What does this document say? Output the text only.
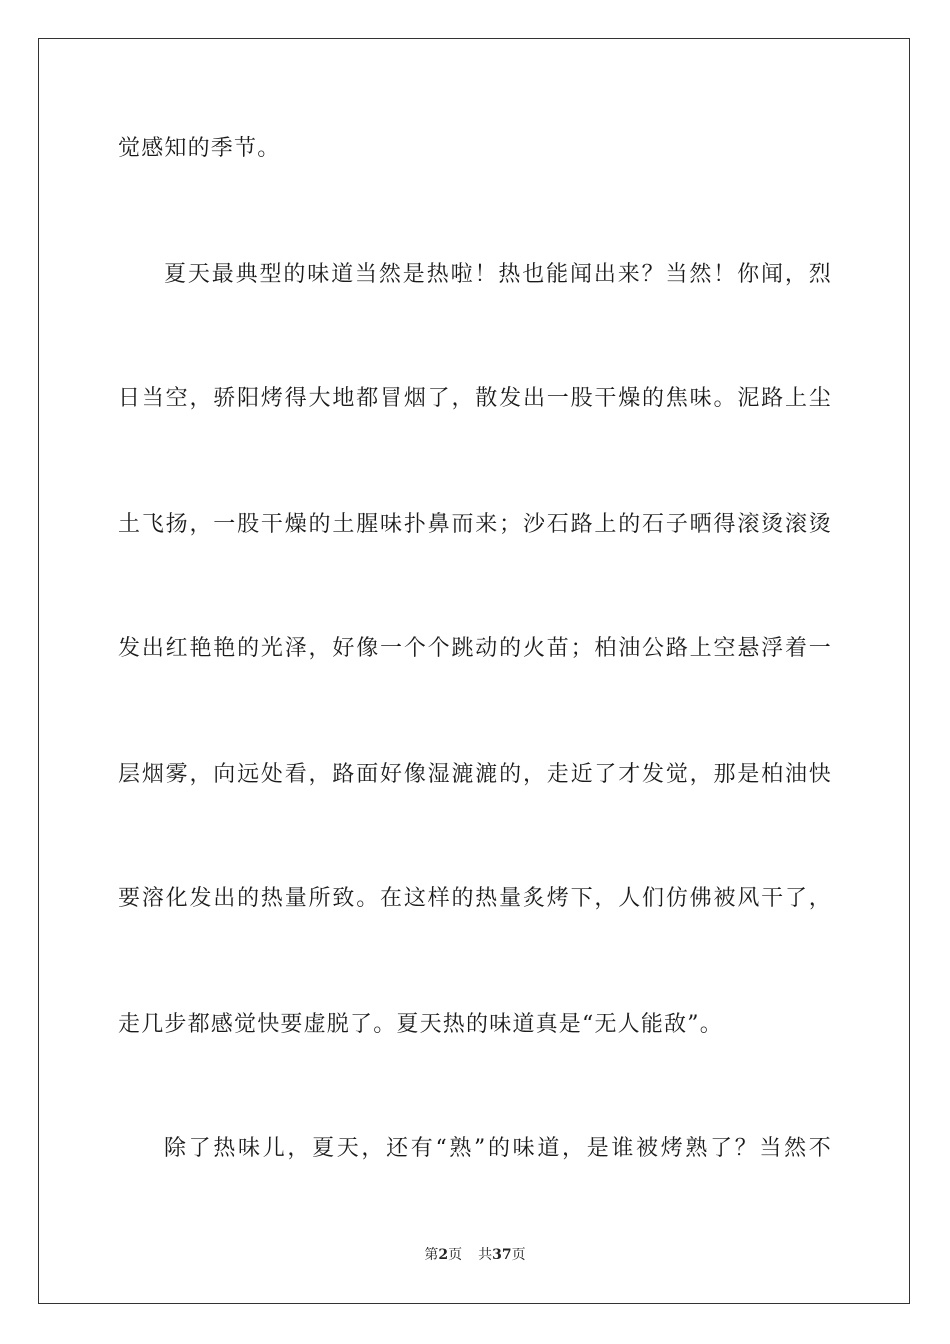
觉感知的季节。
夏天最典型的味道当然是热啦！热也能闻出来？当然！你闻，烈
日当空，骄阳烤得大地都冒烟了，散发出一股干燥的焦味。泥路上尘
土飞扬，一股干燥的土腥味扑鼻而来；沙石路上的石子晒得滚烫滚烫
发出红艳艳的光泽，好像一个个跳动的火苗；柏油公路上空悬浮着一
层烟雾，向远处看，路面好像湿漉漉的，走近了才发觉，那是柏油快
要溶化发出的热量所致。在这样的热量炙烤下，人们仿佛被风干了，
走几步都感觉快要虚脱了。夏天热的味道真是“无人能敌”。
除了热味儿，夏天，还有“熟”的味道，是谁被烤熟了？当然不
第2页 共37页
